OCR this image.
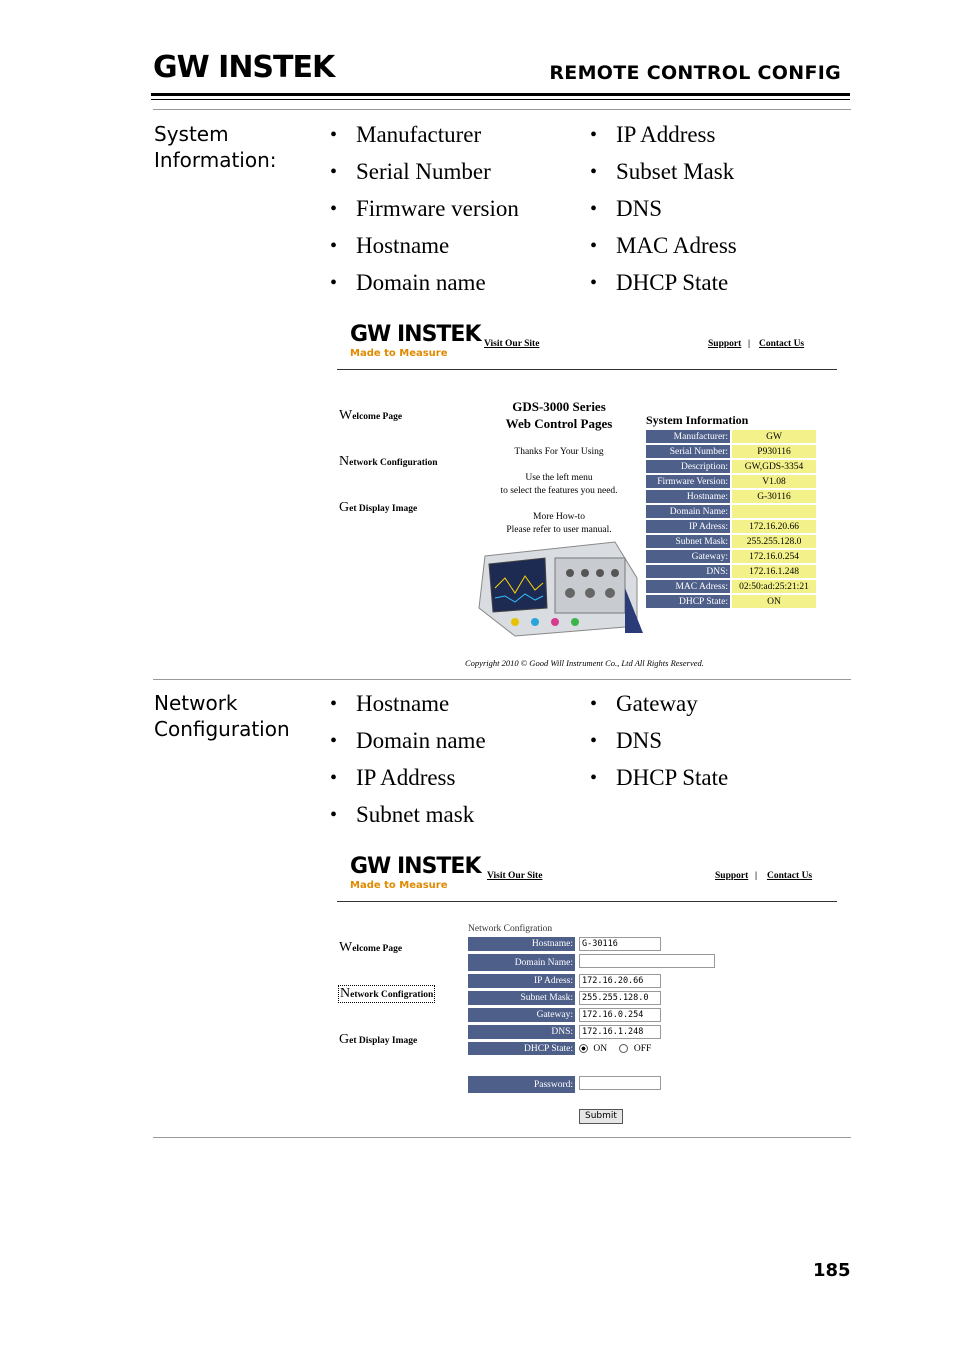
GW INSTEK	REMOTE CONTROL CONFIG
System
Information:
• Manufacturer
• Serial Number
• Firmware version
• Hostname
• Domain name
• IP Address
• Subset Mask
• DNS
• MAC Adress
• DHCP State
GW INSTEK
Made to Measure
Visit Our Site	Support | Contact Us
Welcome Page
Network Configuration
Get Display Image
GDS-3000 Series
Web Control Pages
Thanks For Your Using
Use the left menu
to select the features you need.
More How-to
Please refer to user manual.
System Information
Manufacturer:	GW
Serial Number:	P930116
Description:	GW,GDS-3354
Firmware Version:	V1.08
Hostname:	G-30116
Domain Name:	
IP Adress:	172.16.20.66
Subnet Mask:	255.255.128.0
Gateway:	172.16.0.254
DNS:	172.16.1.248
MAC Adress:	02:50:ad:25:21:21
DHCP State:	ON
Copyright 2010 © Good Will Instrument Co., Ltd All Rights Reserved.
Network
Configuration
• Hostname
• Domain name
• IP Address
• Subnet mask
• Gateway
• DNS
• DHCP State
GW INSTEK
Made to Measure
Visit Our Site	Support | Contact Us
Welcome Page
Network Configration
Get Display Image
Network Configration
Hostname:	G-30116
Domain Name:	
IP Adress:	172.16.20.66
Subnet Mask:	255.255.128.0
Gateway:	172.16.0.254
DNS:	172.16.1.248
DHCP State:	ON OFF
Password:	
Submit
185
